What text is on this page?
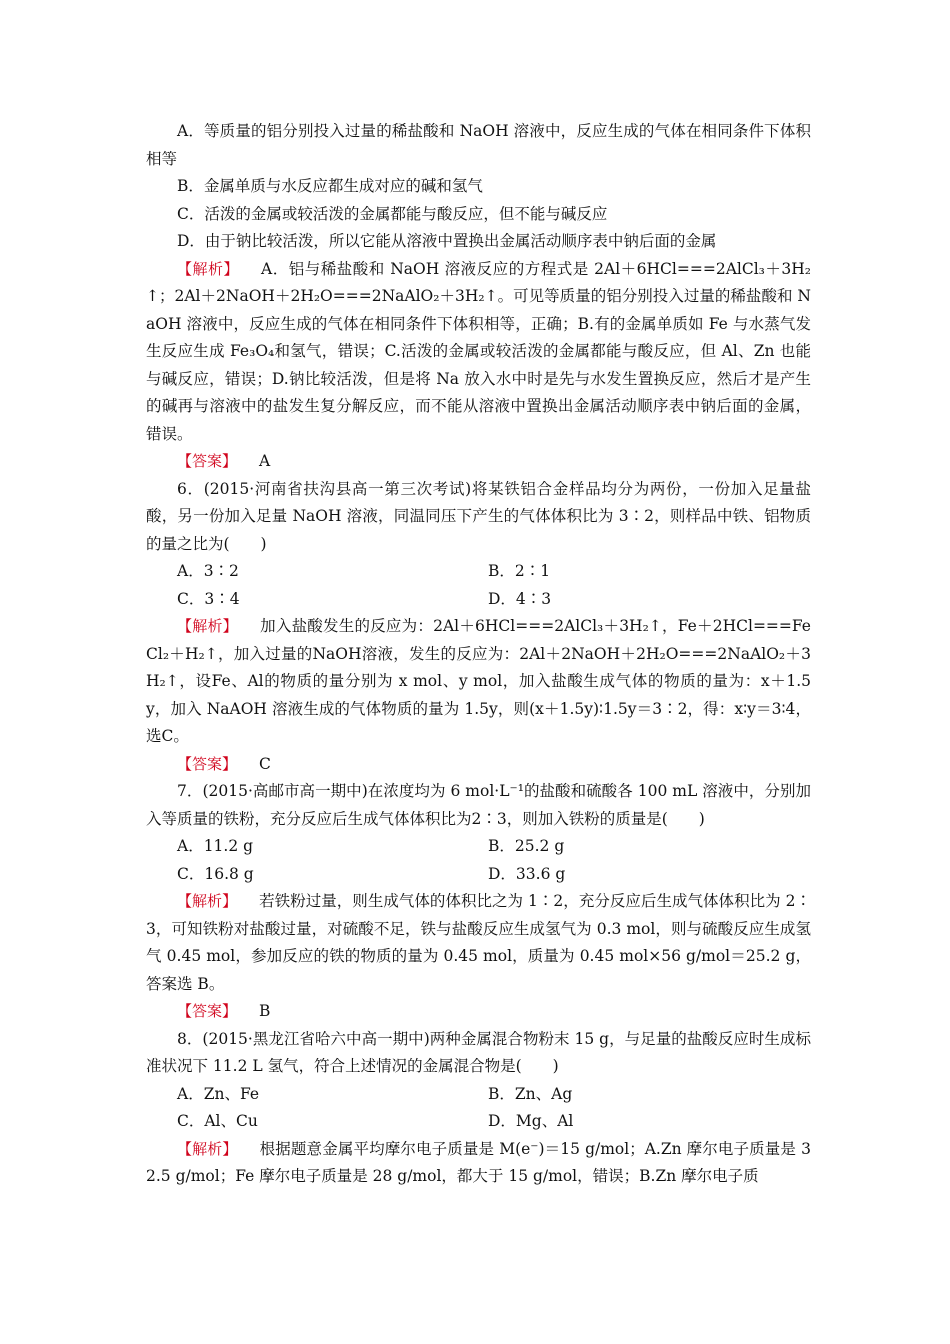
A．等质量的铝分别投入过量的稀盐酸和 NaOH 溶液中，反应生成的气体在相同条件下体积相等

B．金属单质与水反应都生成对应的碱和氢气

C．活泼的金属或较活泼的金属都能与酸反应，但不能与碱反应

D．由于钠比较活泼，所以它能从溶液中置换出金属活动顺序表中钠后面的金属

【解析】 A．铝与稀盐酸和 NaOH 溶液反应的方程式是 2Al＋6HCl===2AlCl₃＋3H₂↑；2Al＋2NaOH＋2H₂O===2NaAlO₂＋3H₂↑。可见等质量的铝分别投入过量的稀盐酸和 NaOH 溶液中，反应生成的气体在相同条件下体积相等，正确；B.有的金属单质如 Fe 与水蒸气发生反应生成 Fe₃O₄和氢气，错误；C.活泼的金属或较活泼的金属都能与酸反应，但 Al、Zn 也能与碱反应，错误；D.钠比较活泼，但是将 Na 放入水中时是先与水发生置换反应，然后才是产生的碱再与溶液中的盐发生复分解反应，而不能从溶液中置换出金属活动顺序表中钠后面的金属，错误。

【答案】 A

6．(2015·河南省扶沟县高一第三次考试)将某铁铝合金样品均分为两份，一份加入足量盐酸，另一份加入足量 NaOH 溶液，同温同压下产生的气体体积比为 3∶2，则样品中铁、铝物质的量之比为(　　)

A．3∶2	B．2∶1
C．3∶4	D．4∶3

【解析】 加入盐酸发生的反应为：2Al＋6HCl===2AlCl₃＋3H₂↑，Fe＋2HCl===FeCl₂＋H₂↑，加入过量的NaOH溶液，发生的反应为：2Al＋2NaOH＋2H₂O===2NaAlO₂＋3H₂↑，设Fe、Al的物质的量分别为 x mol、y mol，加入盐酸生成气体的物质的量为：x＋1.5y，加入 NaAOH 溶液生成的气体物质的量为 1.5y，则(x＋1.5y)∶1.5y＝3∶2，得：x∶y＝3∶4，选C。

【答案】 C

7．(2015·高邮市高一期中)在浓度均为 6 mol·L⁻¹的盐酸和硫酸各 100 mL 溶液中，分别加入等质量的铁粉，充分反应后生成气体体积比为2∶3，则加入铁粉的质量是(　　)

A．11.2 g	B．25.2 g
C．16.8 g	D．33.6 g

【解析】 若铁粉过量，则生成气体的体积比之为 1∶2，充分反应后生成气体体积比为 2∶3，可知铁粉对盐酸过量，对硫酸不足，铁与盐酸反应生成氢气为 0.3 mol，则与硫酸反应生成氢气 0.45 mol，参加反应的铁的物质的量为 0.45 mol，质量为 0.45 mol×56 g/mol＝25.2 g，答案选 B。

【答案】 B

8．(2015·黑龙江省哈六中高一期中)两种金属混合物粉末 15 g，与足量的盐酸反应时生成标准状况下 11.2 L 氢气，符合上述情况的金属混合物是(　　)

A．Zn、Fe	B．Zn、Ag
C．Al、Cu	D．Mg、Al

【解析】 根据题意金属平均摩尔电子质量是 M(e⁻)＝15 g/mol；A.Zn 摩尔电子质量是 32.5 g/mol；Fe 摩尔电子质量是 28 g/mol，都大于 15 g/mol，错误；B.Zn 摩尔电子质
